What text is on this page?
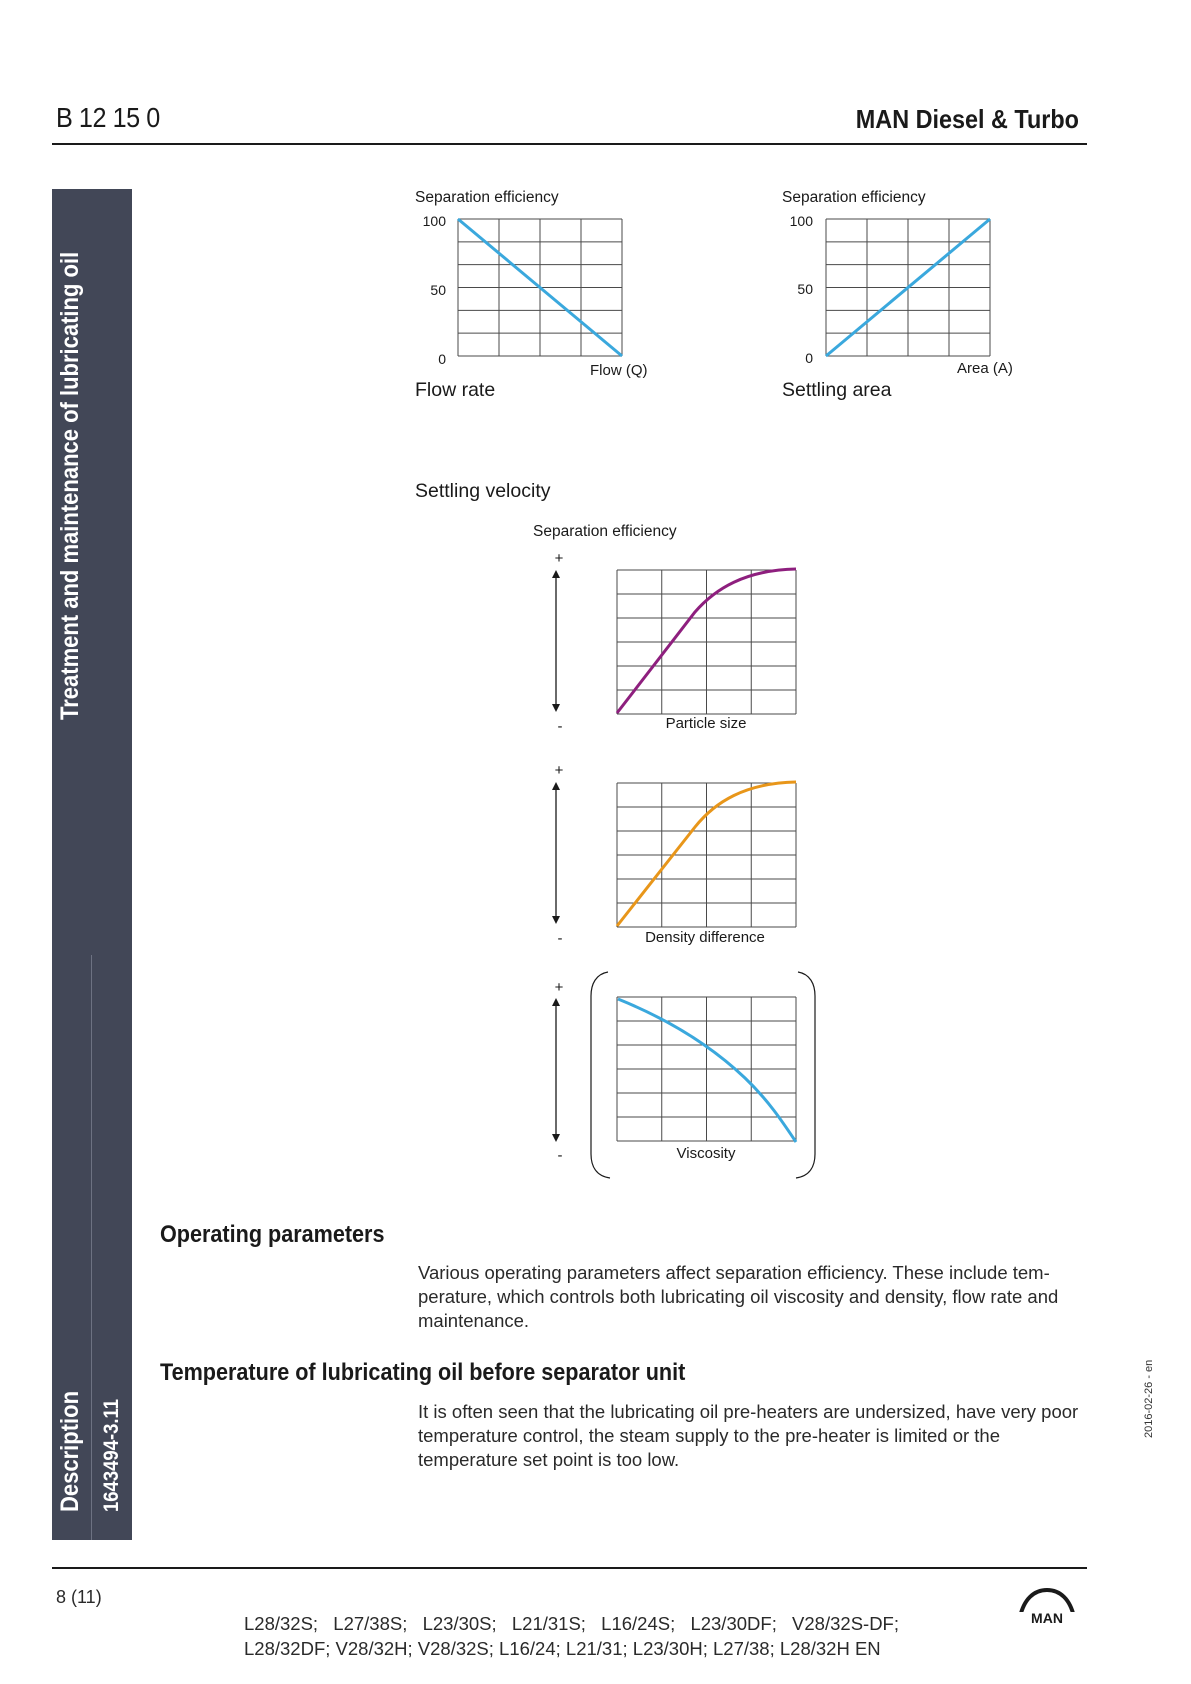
B 12 15 0	MAN Diesel & Turbo
Treatment and maintenance of lubricating oil
Description 1643494-3.11
2016-02-26 - en
Separation efficiency
100
50
0
Flow (Q)
Flow rate
Separation efficiency
100
50
0
Area (A)
Settling area
Settling velocity
Separation efficiency
+
-	Particle size
+
-	Density difference
+
-	Viscosity
Operating parameters
Various operating parameters affect separation efficiency. These include tem-perature, which controls both lubricating oil viscosity and density, flow rate and maintenance.
Temperature of lubricating oil before separator unit
It is often seen that the lubricating oil pre-heaters are undersized, have very poor temperature control, the steam supply to the pre-heater is limited or the temperature set point is too low.
8 (11)
L28/32S; L27/38S; L23/30S; L21/31S; L16/24S; L23/30DF; V28/32S-DF; L28/32DF; V28/32H; V28/32S; L16/24; L21/31; L23/30H; L27/38; L28/32H EN
MAN
